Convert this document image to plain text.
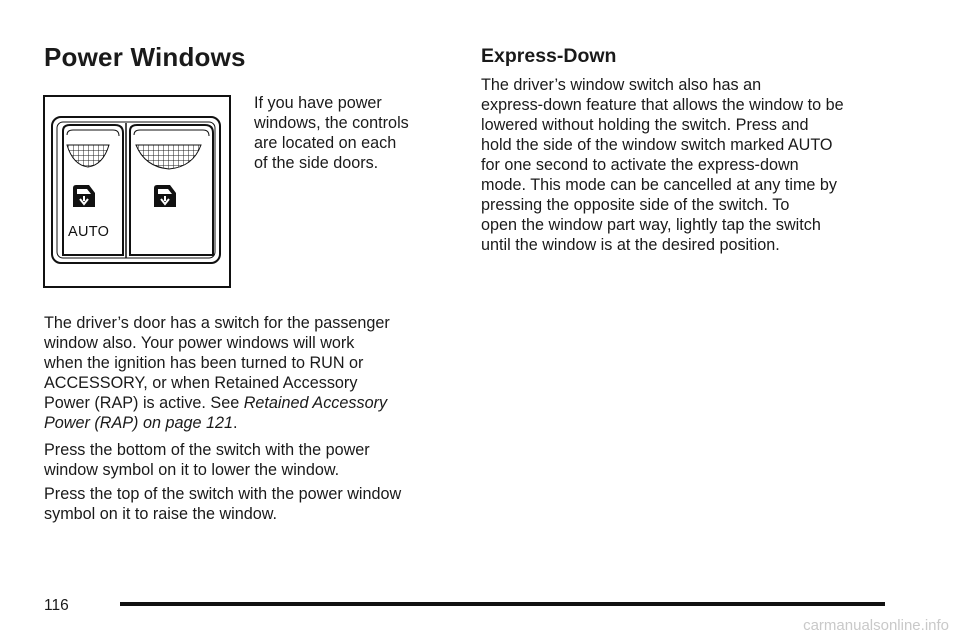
Power Windows
AUTO

If you have power
windows, the controls
are located on each
of the side doors.

The driver’s door has a switch for the passenger
window also. Your power windows will work
when the ignition has been turned to RUN or
ACCESSORY, or when Retained Accessory
Power (RAP) is active. See Retained Accessory
Power (RAP) on page 121.

Press the bottom of the switch with the power
window symbol on it to lower the window.

Press the top of the switch with the power window
symbol on it to raise the window.

Express-Down

The driver’s window switch also has an
express-down feature that allows the window to be
lowered without holding the switch. Press and
hold the side of the window switch marked AUTO
for one second to activate the express-down
mode. This mode can be cancelled at any time by
pressing the opposite side of the switch. To
open the window part way, lightly tap the switch
until the window is at the desired position.

116
carmanualsonline.info
